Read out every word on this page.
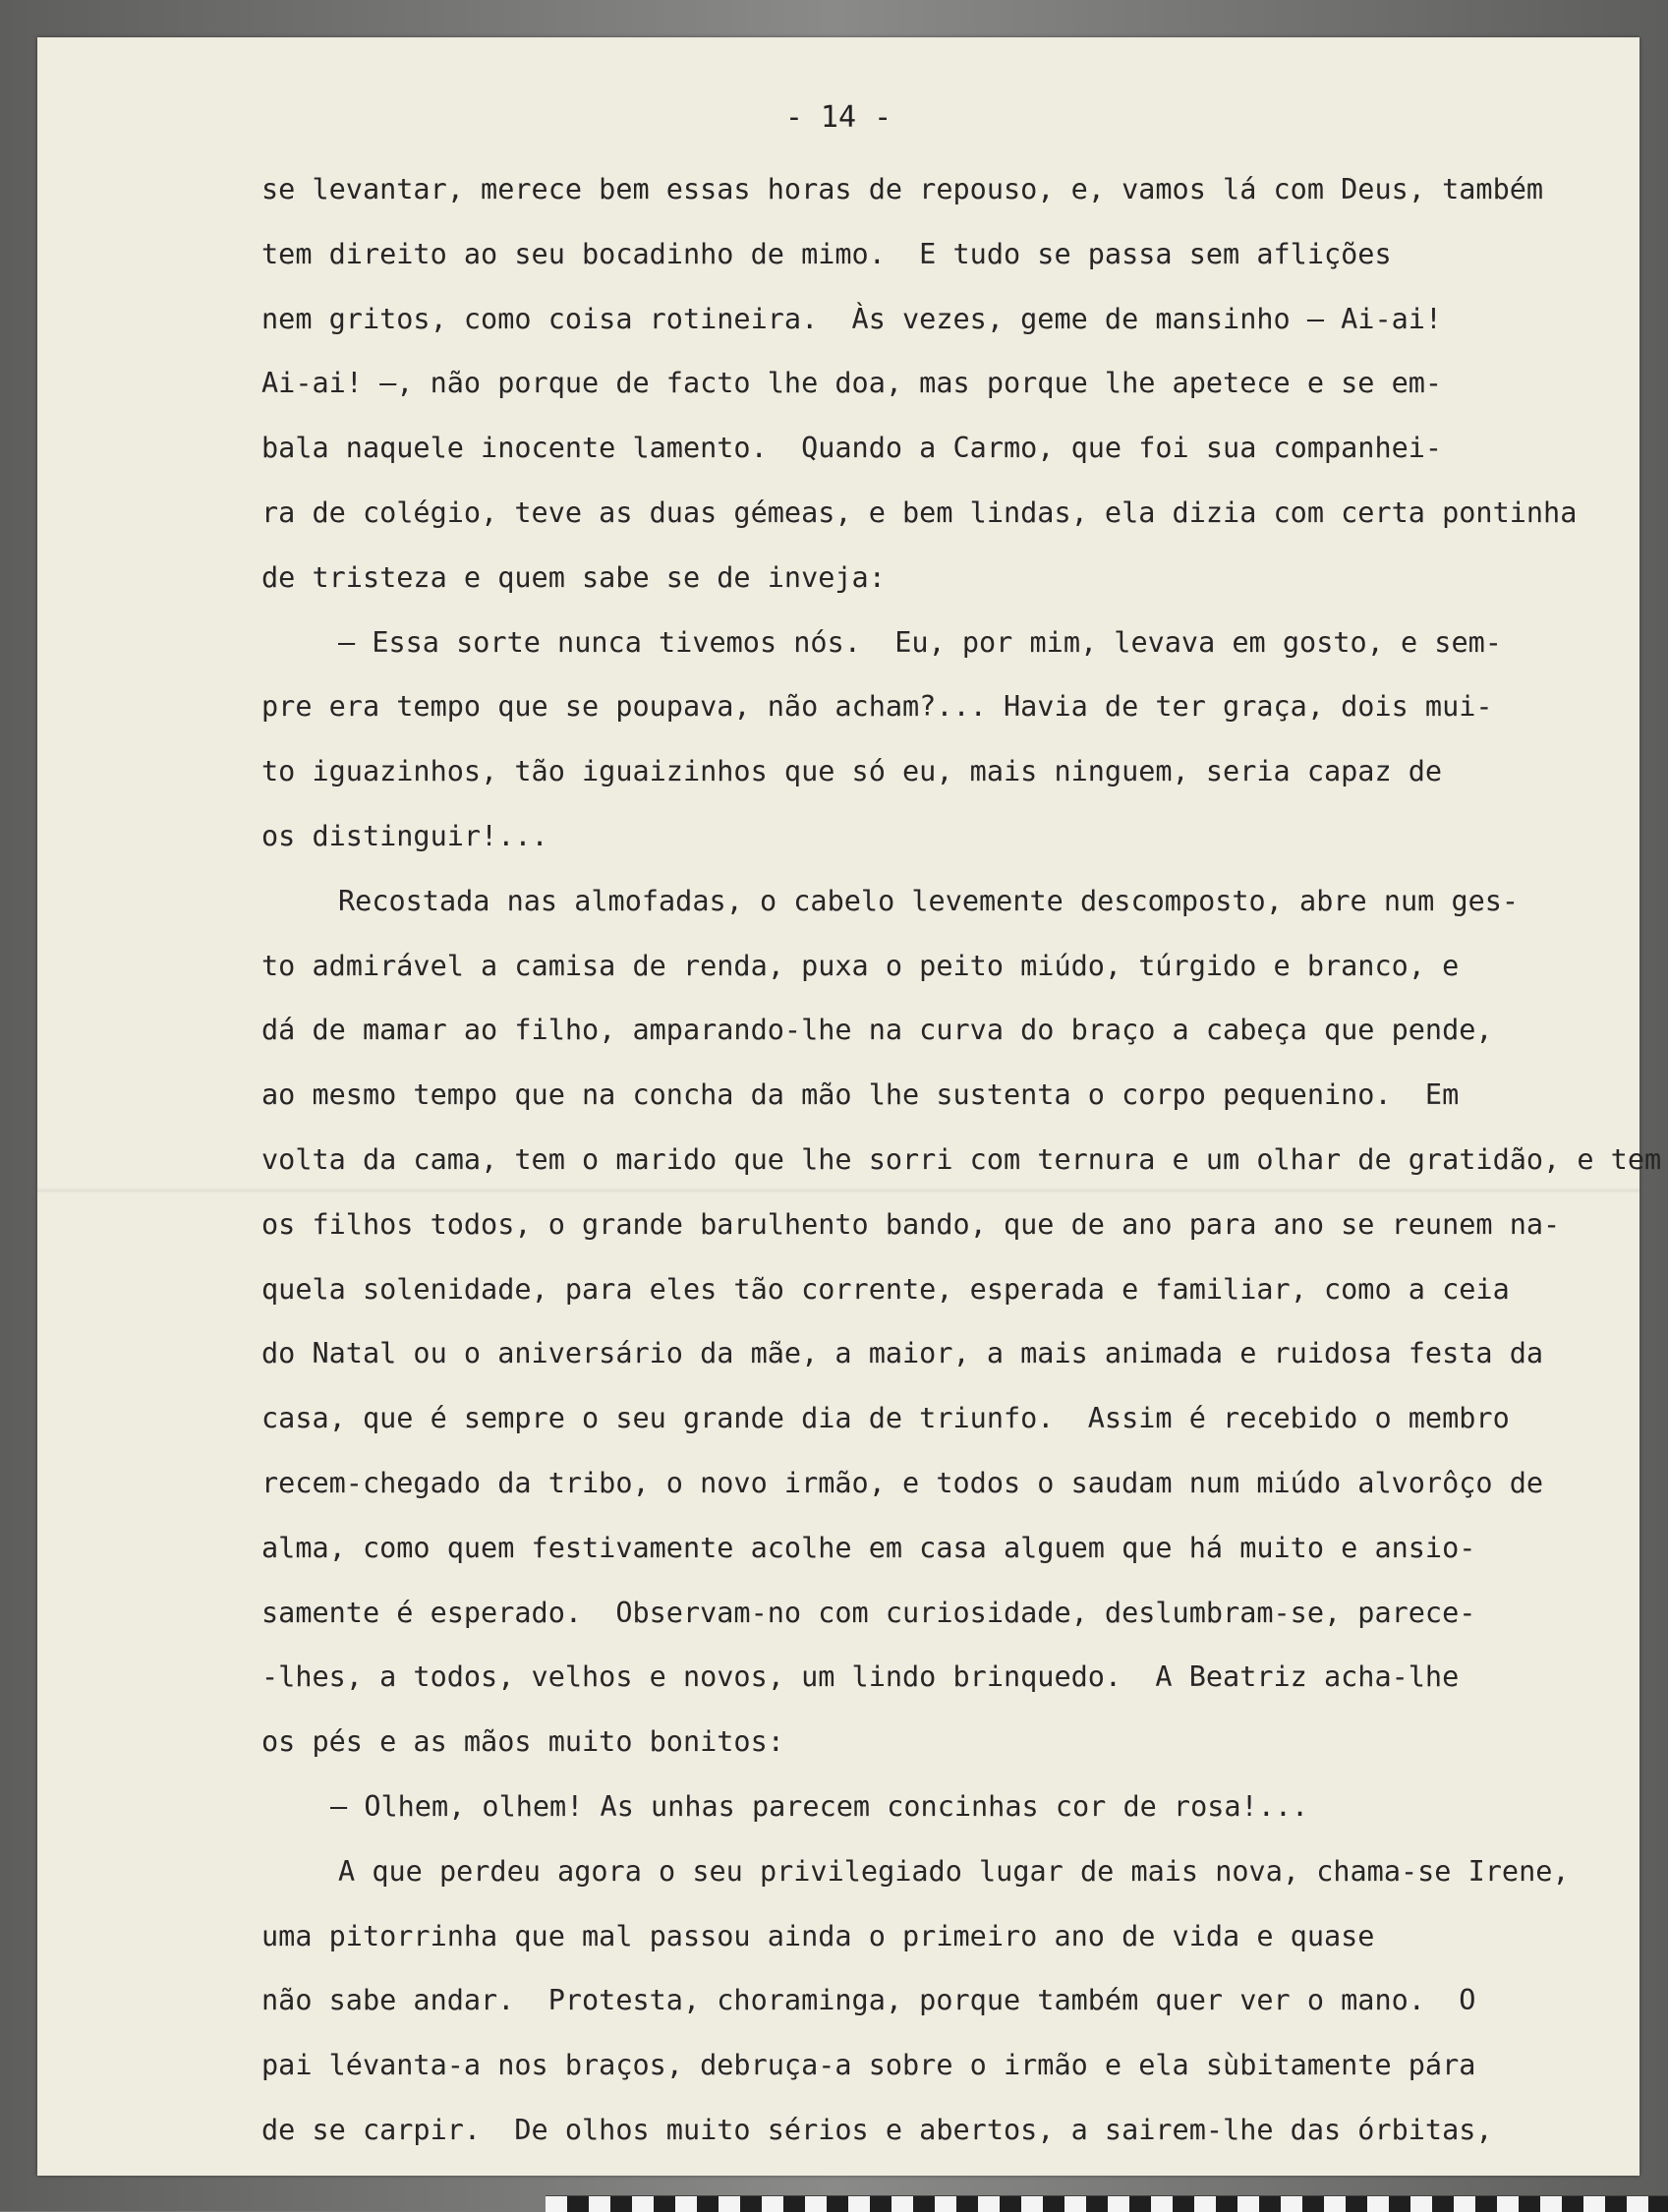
- 14 -
se levantar, merece bem essas horas de repouso, e, vamos lá com Deus, também
tem direito ao seu bocadinho de mimo.  E tudo se passa sem aflições
nem gritos, como coisa rotineira.  Às vezes, geme de mansinho — Ai-ai!
Ai-ai! —, não porque de facto lhe doa, mas porque lhe apetece e se em-
bala naquele inocente lamento.  Quando a Carmo, que foi sua companhei-
ra de colégio, teve as duas gémeas, e bem lindas, ela dizia com certa pontinha
de tristeza e quem sabe se de inveja:
— Essa sorte nunca tivemos nós.  Eu, por mim, levava em gosto, e sem-
pre era tempo que se poupava, não acham?... Havia de ter graça, dois mui-
to iguazinhos, tão iguaizinhos que só eu, mais ninguem, seria capaz de
os distinguir!...
Recostada nas almofadas, o cabelo levemente descomposto, abre num ges-
to admirável a camisa de renda, puxa o peito miúdo, túrgido e branco, e
dá de mamar ao filho, amparando-lhe na curva do braço a cabeça que pende,
ao mesmo tempo que na concha da mão lhe sustenta o corpo pequenino.  Em
volta da cama, tem o marido que lhe sorri com ternura e um olhar de gratidão, e tem
os filhos todos, o grande barulhento bando, que de ano para ano se reunem na-
quela solenidade, para eles tão corrente, esperada e familiar, como a ceia
do Natal ou o aniversário da mãe, a maior, a mais animada e ruidosa festa da
casa, que é sempre o seu grande dia de triunfo.  Assim é recebido o membro
recem-chegado da tribo, o novo irmão, e todos o saudam num miúdo alvorôço de
alma, como quem festivamente acolhe em casa alguem que há muito e ansio-
samente é esperado.  Observam-no com curiosidade, deslumbram-se, parece-
-lhes, a todos, velhos e novos, um lindo brinquedo.  A Beatriz acha-lhe
os pés e as mãos muito bonitos:
— Olhem, olhem! As unhas parecem concinhas cor de rosa!...
A que perdeu agora o seu privilegiado lugar de mais nova, chama-se Irene,
uma pitorrinha que mal passou ainda o primeiro ano de vida e quase
não sabe andar.  Protesta, choraminga, porque também quer ver o mano.  O
pai lévanta-a nos braços, debruça-a sobre o irmão e ela sùbitamente pára
de se carpir.  De olhos muito sérios e abertos, a sairem-lhe das órbitas,
